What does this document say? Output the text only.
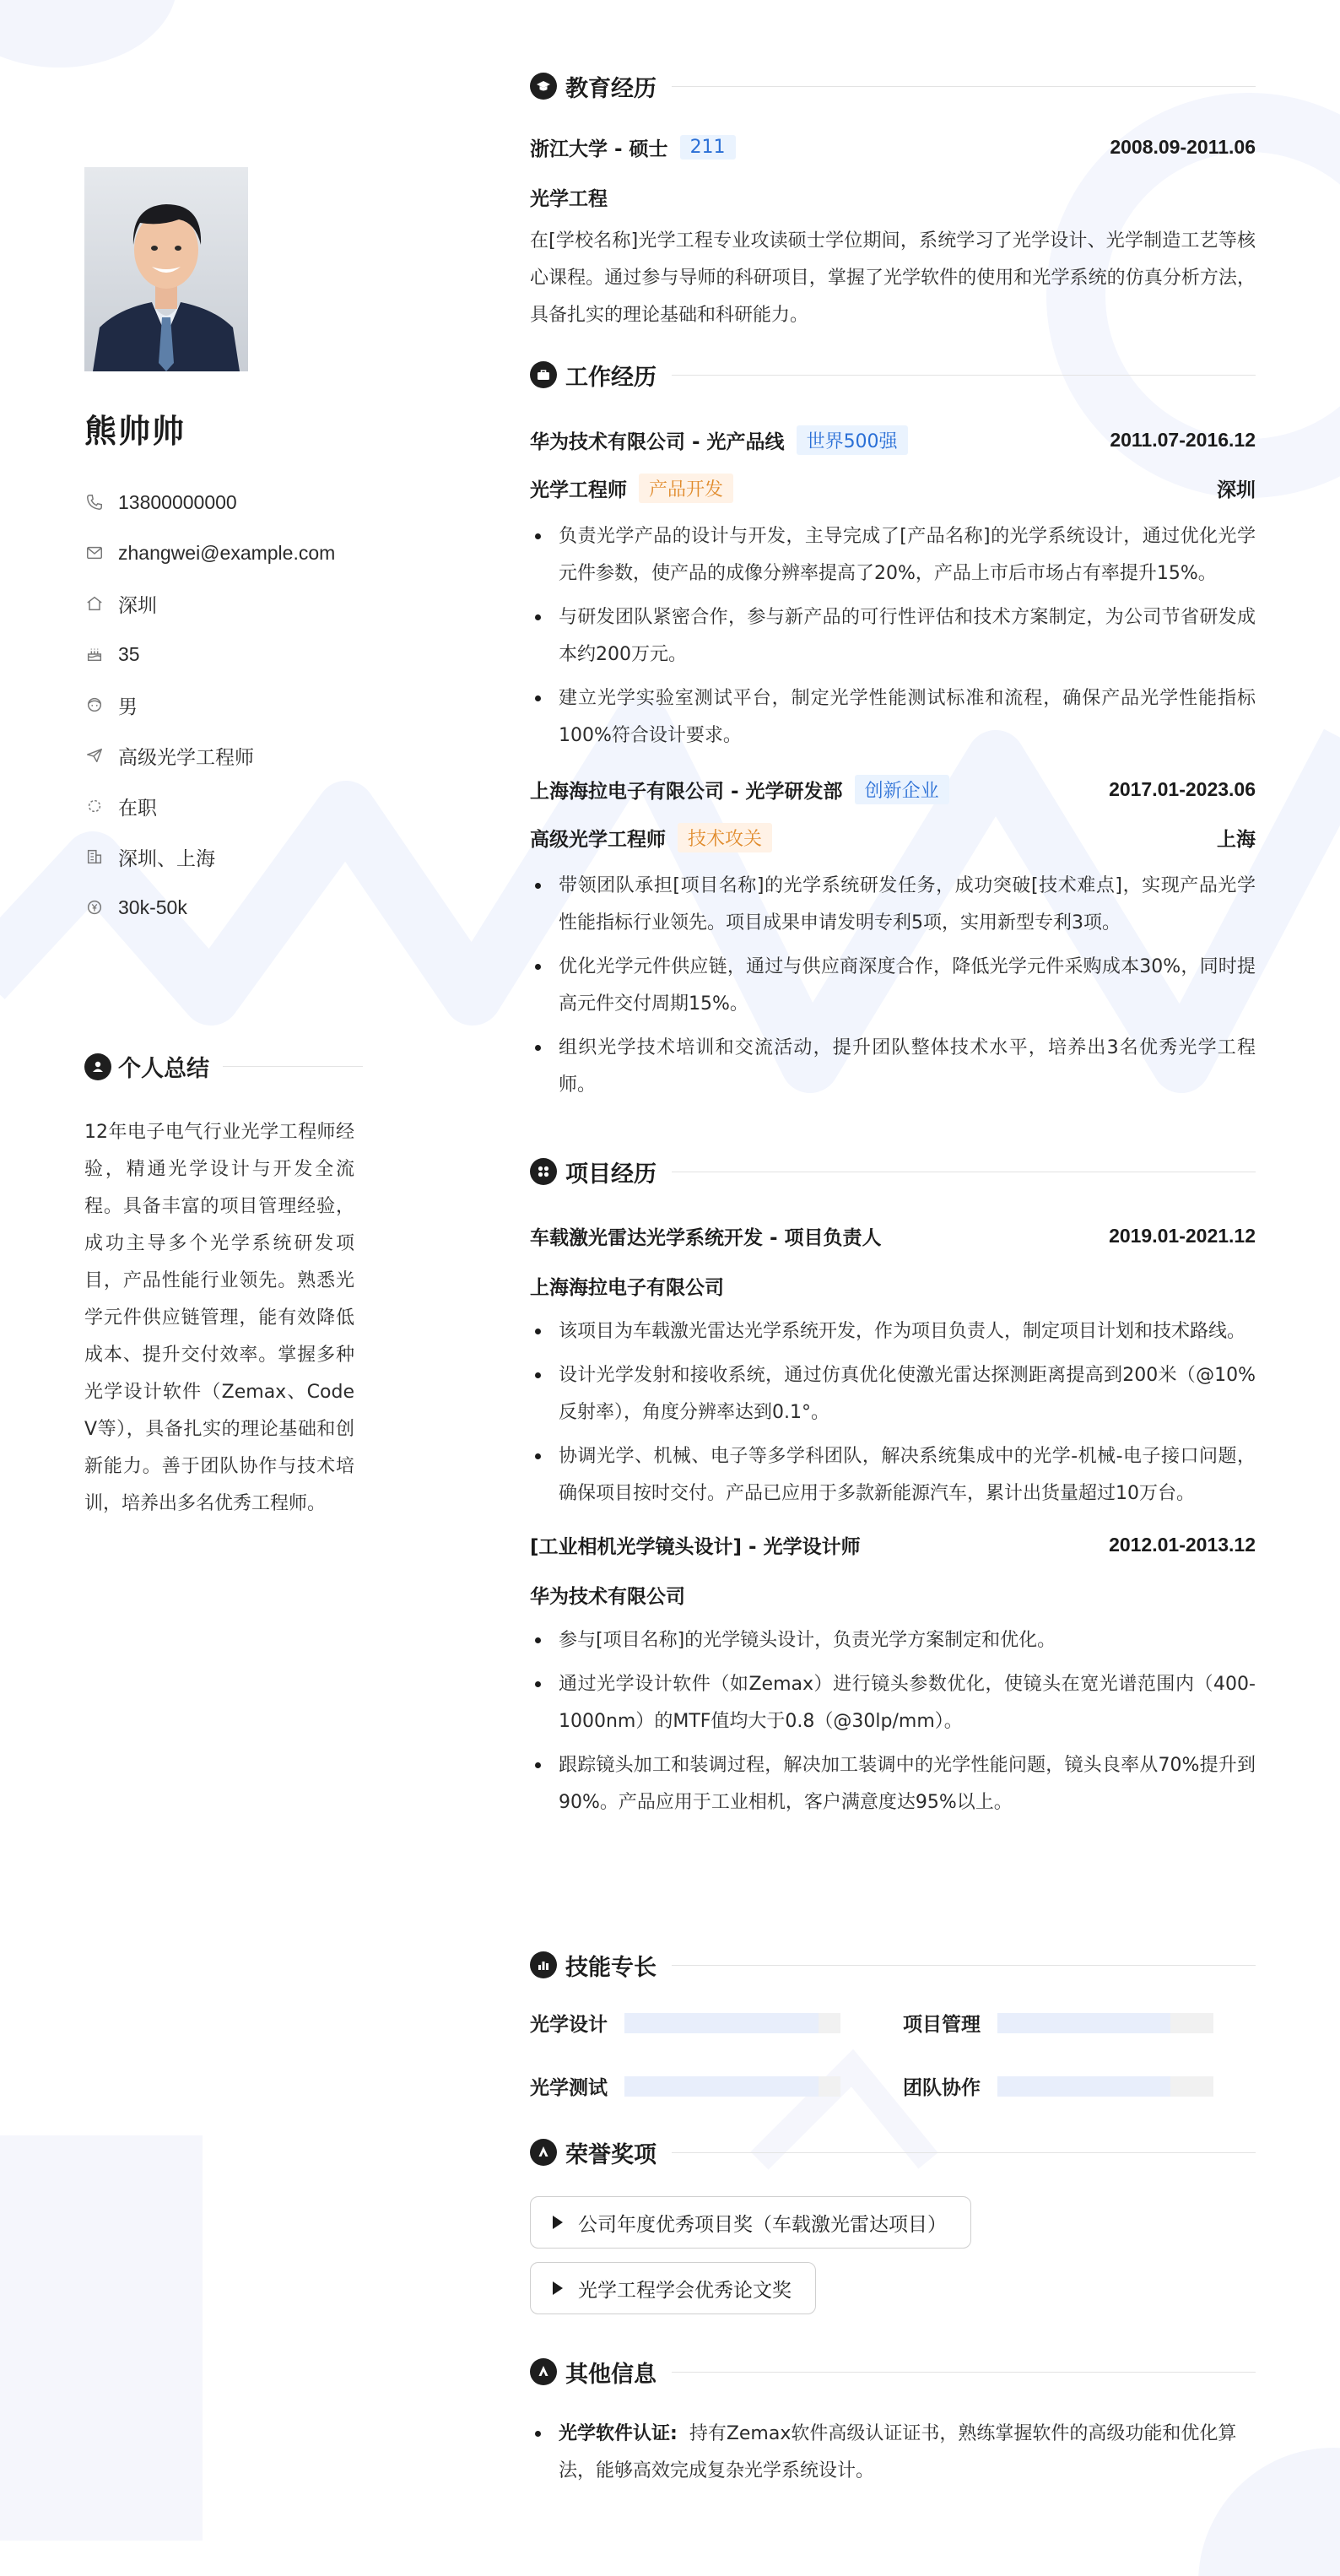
熊帅帅
13800000000
zhangwei@example.com
深圳
35
男
高级光学工程师
在职
深圳、上海
30k-50k
个人总结
12年电子电气行业光学工程师经验，精通光学设计与开发全流程。具备丰富的项目管理经验，成功主导多个光学系统研发项目，产品性能行业领先。熟悉光学元件供应链管理，能有效降低成本、提升交付效率。掌握多种光学设计软件（Zemax、Code V等），具备扎实的理论基础和创新能力。善于团队协作与技术培训，培养出多名优秀工程师。
教育经历
浙江大学 - 硕士	211	2008.09-2011.06
光学工程
在[学校名称]光学工程专业攻读硕士学位期间，系统学习了光学设计、光学制造工艺等核心课程。通过参与导师的科研项目，掌握了光学软件的使用和光学系统的仿真分析方法，具备扎实的理论基础和科研能力。
工作经历
华为技术有限公司 - 光产品线	世界500强	2011.07-2016.12
光学工程师	产品开发	深圳
负责光学产品的设计与开发，主导完成了[产品名称]的光学系统设计，通过优化光学元件参数，使产品的成像分辨率提高了20%，产品上市后市场占有率提升15%。
与研发团队紧密合作，参与新产品的可行性评估和技术方案制定，为公司节省研发成本约200万元。
建立光学实验室测试平台，制定光学性能测试标准和流程，确保产品光学性能指标100%符合设计要求。
上海海拉电子有限公司 - 光学研发部	创新企业	2017.01-2023.06
高级光学工程师	技术攻关	上海
带领团队承担[项目名称]的光学系统研发任务，成功突破[技术难点]，实现产品光学性能指标行业领先。项目成果申请发明专利5项，实用新型专利3项。
优化光学元件供应链，通过与供应商深度合作，降低光学元件采购成本30%，同时提高元件交付周期15%。
组织光学技术培训和交流活动，提升团队整体技术水平，培养出3名优秀光学工程师。
项目经历
车载激光雷达光学系统开发 - 项目负责人	2019.01-2021.12
上海海拉电子有限公司
该项目为车载激光雷达光学系统开发，作为项目负责人，制定项目计划和技术路线。
设计光学发射和接收系统，通过仿真优化使激光雷达探测距离提高到200米（@10%反射率），角度分辨率达到0.1°。
协调光学、机械、电子等多学科团队，解决系统集成中的光学-机械-电子接口问题，确保项目按时交付。产品已应用于多款新能源汽车，累计出货量超过10万台。
[工业相机光学镜头设计] - 光学设计师	2012.01-2013.12
华为技术有限公司
参与[项目名称]的光学镜头设计，负责光学方案制定和优化。
通过光学设计软件（如Zemax）进行镜头参数优化，使镜头在宽光谱范围内（400-1000nm）的MTF值均大于0.8（@30lp/mm）。
跟踪镜头加工和装调过程，解决加工装调中的光学性能问题，镜头良率从70%提升到90%。产品应用于工业相机，客户满意度达95%以上。
技能专长
光学设计	项目管理
光学测试	团队协作
荣誉奖项
公司年度优秀项目奖（车载激光雷达项目）
光学工程学会优秀论文奖
其他信息
光学软件认证: 持有Zemax软件高级认证证书，熟练掌握软件的高级功能和优化算法，能够高效完成复杂光学系统设计。
